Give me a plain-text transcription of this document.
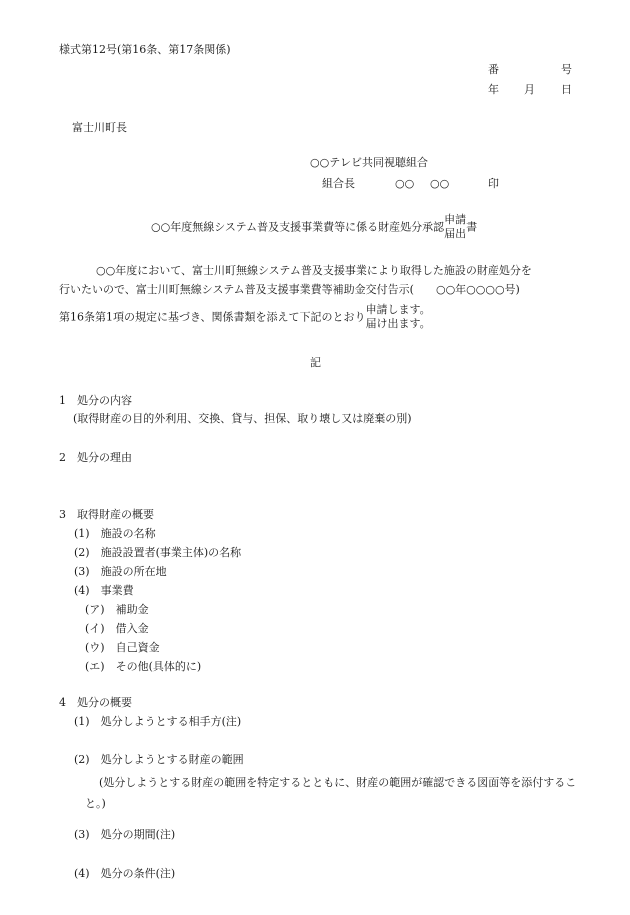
様式第12号(第16条、第17条関係)
番	号
年 月 日
富士川町長
○○テレビ共同視聴組合
組合長	○○ ○○	印
○○年度無線システム普及支援事業費等に係る財産処分承認
申請
届出 書
○○年度において、富士川町無線システム普及支援事業により取得した施設の財産処分を
行いたいので、富士川町無線システム普及支援事業費等補助金交付告示(　　○○年○○○○号)
第16条第1項の規定に基づき、関係書類を添えて下記のとおり
申請します。
届け出ます。
記
1　処分の内容
(取得財産の目的外利用、交換、貸与、担保、取り壊し又は廃棄の別)
2　処分の理由
3　取得財産の概要
(1)　施設の名称
(2)　施設設置者(事業主体)の名称
(3)　施設の所在地
(4)　事業費
(ア)　補助金
(イ)　借入金
(ウ)　自己資金
(エ)　その他(具体的に)
4　処分の概要
(1)　処分しようとする相手方(注)
(2)　処分しようとする財産の範囲
(処分しようとする財産の範囲を特定するとともに、財産の範囲が確認できる図面等を添付すること。)
(3)　処分の期間(注)
(4)　処分の条件(注)
